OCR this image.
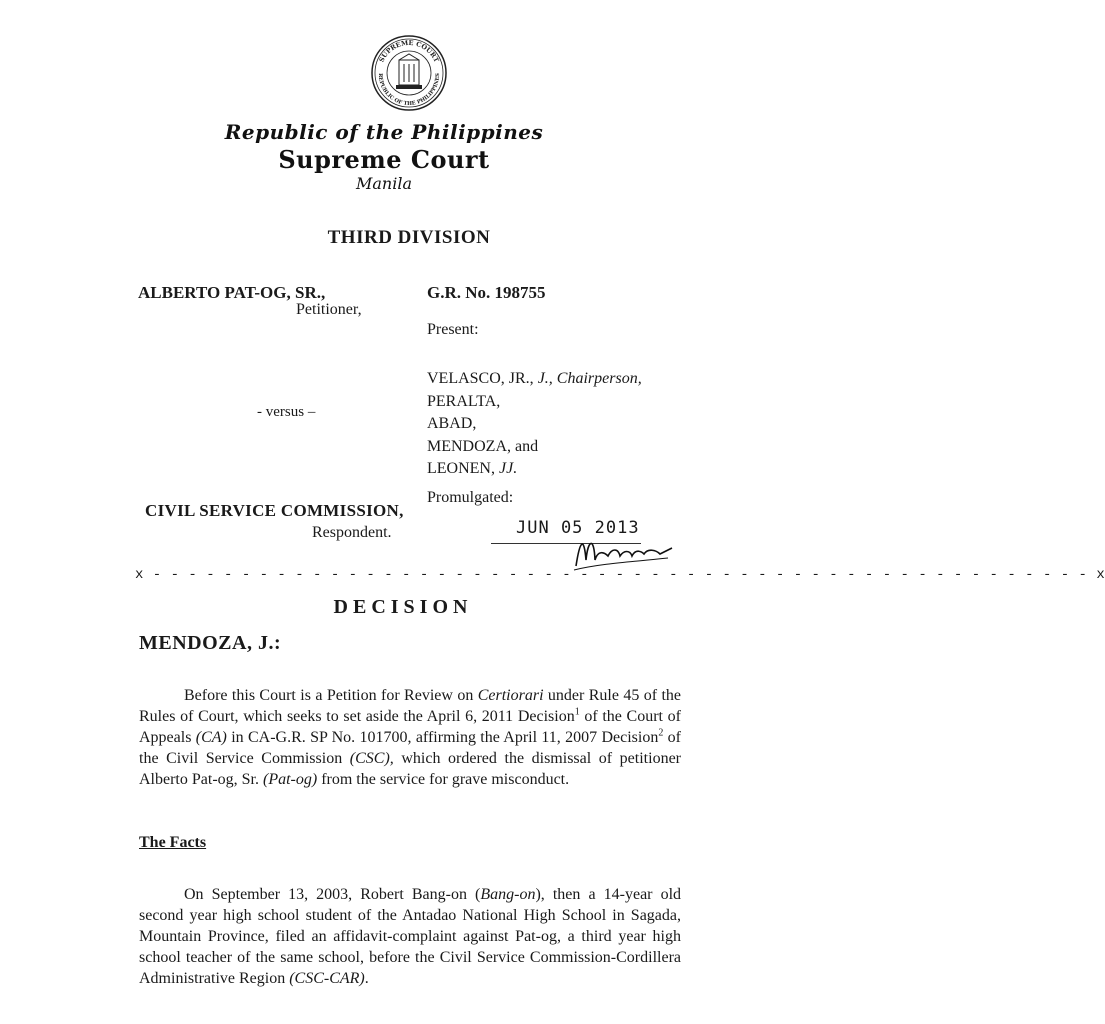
SUPREME COURT
REPUBLIC OF THE PHILIPPINES
Republic of the Philippines
Supreme Court
Manila
THIRD DIVISION
ALBERTO PAT-OG, SR.,
Petitioner,
- versus –
CIVIL SERVICE COMMISSION,
Respondent.
G.R. No. 198755
Present:
VELASCO, JR., J., Chairperson,
PERALTA,
ABAD,
MENDOZA, and
LEONEN, JJ.
Promulgated:
JUN 05 2013
x - - - - - - - - - - - - - - - - - - - - - - - - - - - - - - - - - - - - - - - - - - - - - - - - - - - - - x
DECISION
MENDOZA, J.:
Before this Court is a Petition for Review on Certiorari under Rule 45 of the Rules of Court, which seeks to set aside the April 6, 2011 Decision$^1$ of the Court of Appeals (CA) in CA-G.R. SP No. 101700, affirming the April 11, 2007 Decision$^2$ of the Civil Service Commission (CSC), which ordered the dismissal of petitioner Alberto Pat-og, Sr. (Pat-og) from the service for grave misconduct.
The Facts
On September 13, 2003, Robert Bang-on (Bang-on), then a 14-year old second year high school student of the Antadao National High School in Sagada, Mountain Province, filed an affidavit-complaint against Pat-og, a third year high school teacher of the same school, before the Civil Service Commission-Cordillera Administrative Region (CSC-CAR).
